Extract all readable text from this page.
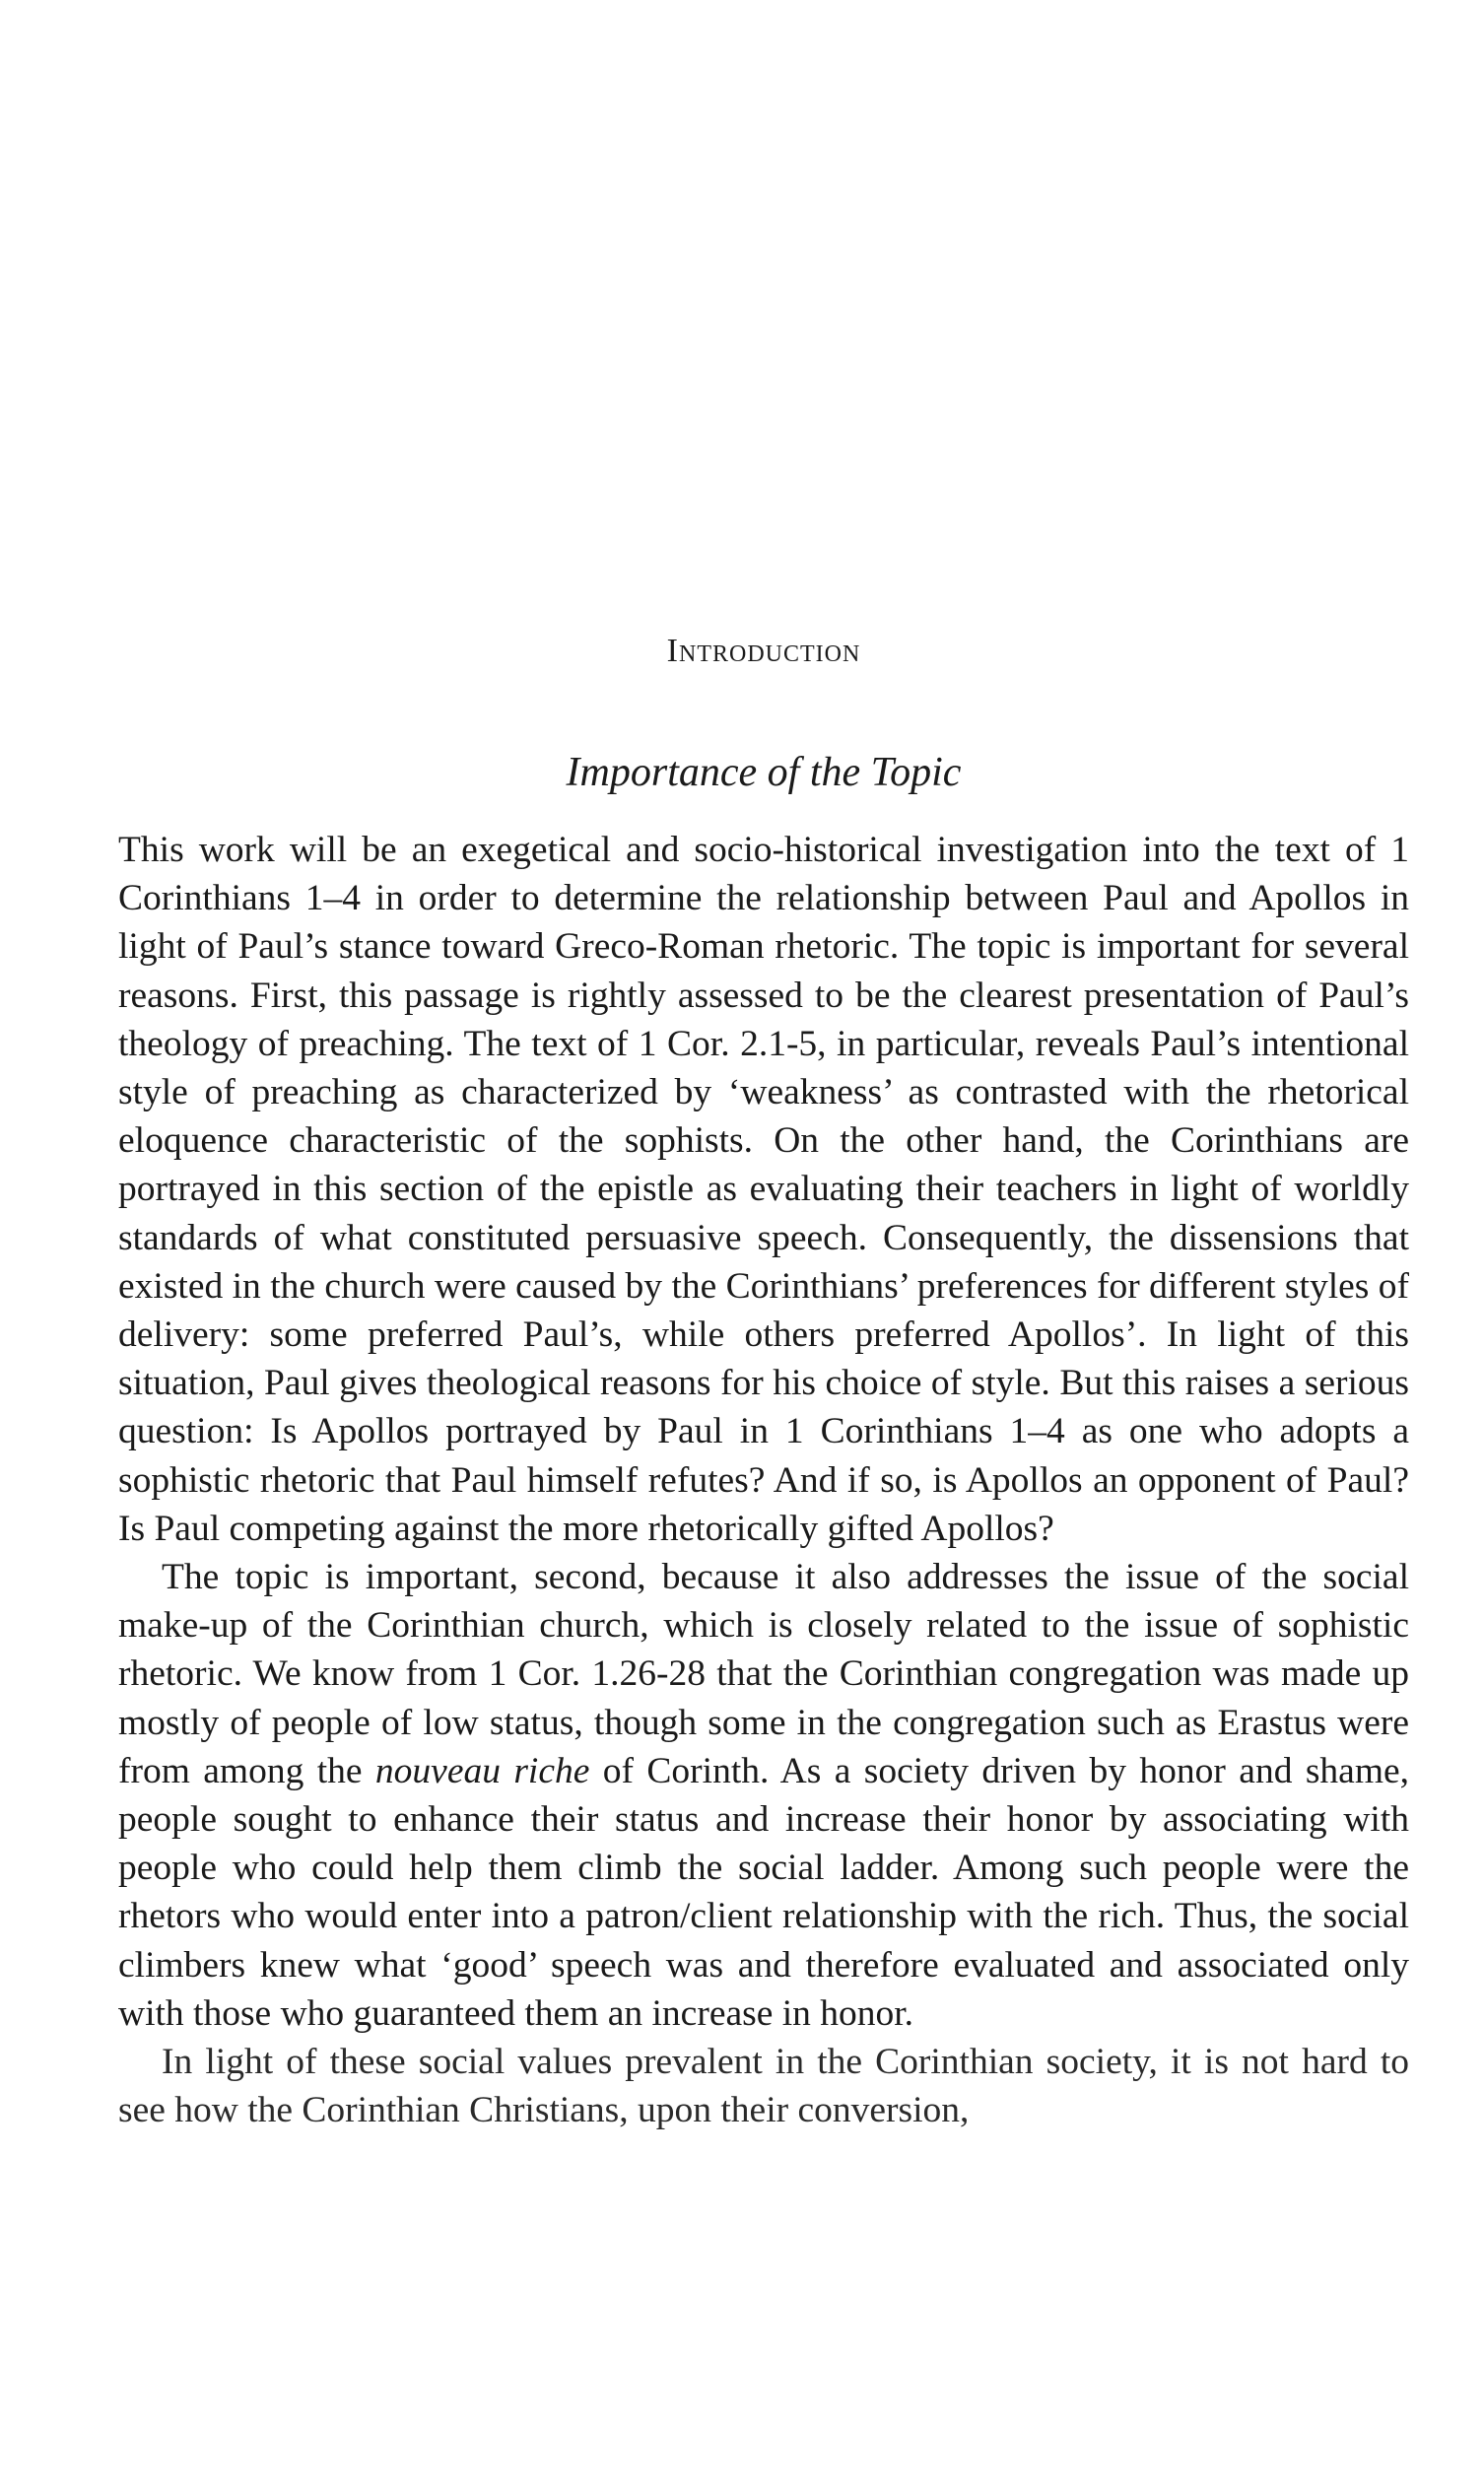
Introduction
Importance of the Topic

This work will be an exegetical and socio-historical investigation into the text of 1 Corinthians 1–4 in order to determine the relationship between Paul and Apollos in light of Paul’s stance toward Greco-Roman rhetoric. The topic is important for several reasons. First, this passage is rightly assessed to be the clearest presentation of Paul’s theology of preaching. The text of 1 Cor. 2.1-5, in particular, reveals Paul’s intentional style of preaching as characterized by ‘weakness’ as contrasted with the rhetorical eloquence characteristic of the sophists. On the other hand, the Corinthians are portrayed in this section of the epistle as evaluating their teachers in light of worldly standards of what constituted persuasive speech. Consequently, the dissensions that existed in the church were caused by the Corinthians’ preferences for different styles of delivery: some preferred Paul’s, while others preferred Apollos’. In light of this situation, Paul gives theological reasons for his choice of style. But this raises a serious question: Is Apollos portrayed by Paul in 1 Corinthians 1–4 as one who adopts a sophistic rhetoric that Paul himself refutes? And if so, is Apollos an opponent of Paul? Is Paul competing against the more rhetorically gifted Apollos?

The topic is important, second, because it also addresses the issue of the social make-up of the Corinthian church, which is closely related to the issue of sophistic rhetoric. We know from 1 Cor. 1.26-28 that the Corinthian congregation was made up mostly of people of low status, though some in the congregation such as Erastus were from among the nouveau riche of Corinth. As a society driven by honor and shame, people sought to enhance their status and increase their honor by associating with people who could help them climb the social ladder. Among such people were the rhetors who would enter into a patron/client relationship with the rich. Thus, the social climbers knew what ‘good’ speech was and therefore evaluated and associated only with those who guaranteed them an increase in honor.

In light of these social values prevalent in the Corinthian society, it is not hard to see how the Corinthian Christians, upon their conversion,
